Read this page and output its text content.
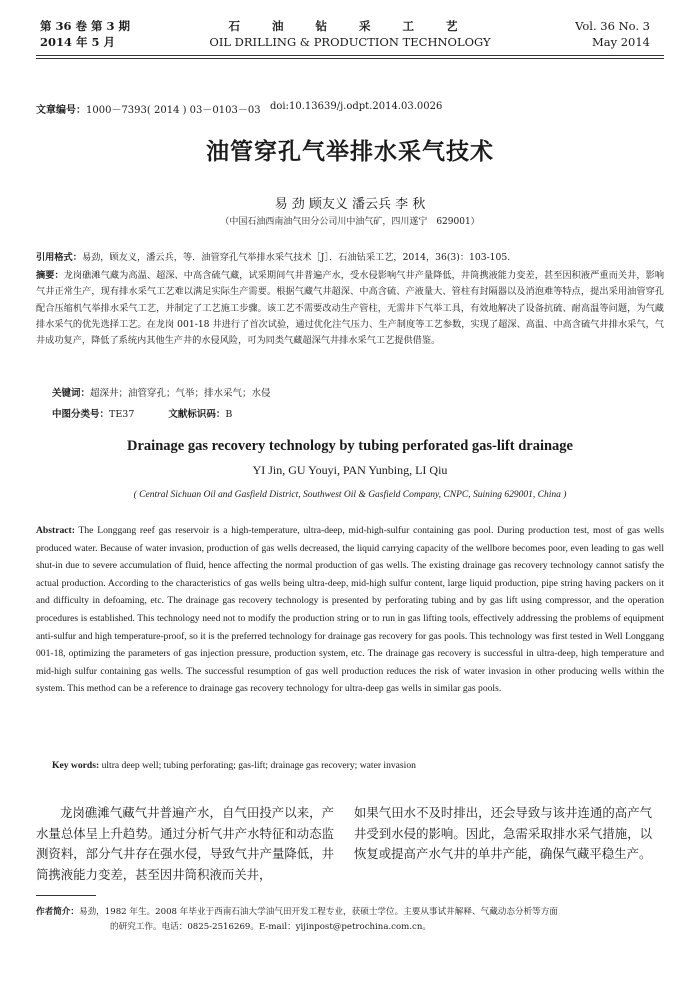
第 36 卷 第 3 期
2014 年 5 月
石 油 钻 采 工 艺
OIL DRILLING & PRODUCTION TECHNOLOGY
Vol. 36 No. 3
May 2014
文章编号：1000－7393( 2014 ) 03－0103－03 doi:10.13639/j.odpt.2014.03.0026
油管穿孔气举排水采气技术
易 劲 顾友义 潘云兵 李 秋
（中国石油西南油气田分公司川中油气矿，四川遂宁　629001）
引用格式：易劲，顾友义，潘云兵，等．油管穿孔气举排水采气技术［J］．石油钻采工艺，2014，36(3)：103-105.
摘要：龙岗礁滩气藏为高温、超深、中高含硫气藏，试采期间气井普遍产水，受水侵影响气井产量降低，井筒携液能力变差，甚至因积液严重而关井，影响气井正常生产，现有排水采气工艺难以满足实际生产需要。根据气藏气井超深、中高含硫、产液量大、管柱有封隔器以及消泡难等特点，提出采用油管穿孔配合压缩机气举排水采气工艺，并制定了工艺施工步骤。该工艺不需要改动生产管柱，无需井下气举工具，有效地解决了设备抗硫、耐高温等问题，为气藏排水采气的优先选择工艺。在龙岗 001-18 井进行了首次试验，通过优化注气压力、生产制度等工艺参数，实现了超深、高温、中高含硫气井排水采气，气井成功复产，降低了系统内其他生产井的水侵风险，可为同类气藏超深气井排水采气工艺提供借鉴。
关键词：超深井；油管穿孔；气举；排水采气；水侵
中图分类号：TE37	文献标识码：B
Drainage gas recovery technology by tubing perforated gas-lift drainage
YI Jin, GU Youyi, PAN Yunbing, LI Qiu
( Central Sichuan Oil and Gasfield District, Southwest Oil & Gasfield Company, CNPC, Suining 629001, China )
Abstract: The Longgang reef gas reservoir is a high-temperature, ultra-deep, mid-high-sulfur containing gas pool. During production test, most of gas wells produced water. Because of water invasion, production of gas wells decreased, the liquid carrying capacity of the wellbore becomes poor, even leading to gas well shut-in due to severe accumulation of fluid, hence affecting the normal production of gas wells. The existing drainage gas recovery technology cannot satisfy the actual production. According to the characteristics of gas wells being ultra-deep, mid-high sulfur content, large liquid production, pipe string having packers on it and difficulty in defoaming, etc. The drainage gas recovery technology is presented by perforating tubing and by gas lift using compressor, and the operation procedures is established. This technology need not to modify the production string or to run in gas lifting tools, effectively addressing the problems of equipment anti-sulfur and high temperature-proof, so it is the preferred technology for drainage gas recovery for gas pools. This technology was first tested in Well Longgang 001-18, optimizing the parameters of gas injection pressure, production system, etc. The drainage gas recovery is successful in ultra-deep, high temperature and mid-high sulfur containing gas wells. The successful resumption of gas well production reduces the risk of water invasion in other producing wells within the system. This method can be a reference to drainage gas recovery technology for ultra-deep gas wells in similar gas pools.
Key words: ultra deep well; tubing perforating; gas-lift; drainage gas recovery; water invasion
龙岗礁滩气藏气井普遍产水，自气田投产以来，产水量总体呈上升趋势。通过分析气井产水特征和动态监测资料，部分气井存在强水侵，导致气井产量降低，井筒携液能力变差，甚至因井筒积液而关井，
如果气田水不及时排出，还会导致与该井连通的高产气井受到水侵的影响。因此，急需采取排水采气措施，以恢复或提高产水气井的单井产能，确保气藏平稳生产。
作者简介：易劲，1982 年生。2008 年毕业于西南石油大学油气田开发工程专业，获硕士学位。主要从事试井解释、气藏动态分析等方面
的研究工作。电话：0825-2516269。E-mail：yijinpost@petrochina.com.cn。
